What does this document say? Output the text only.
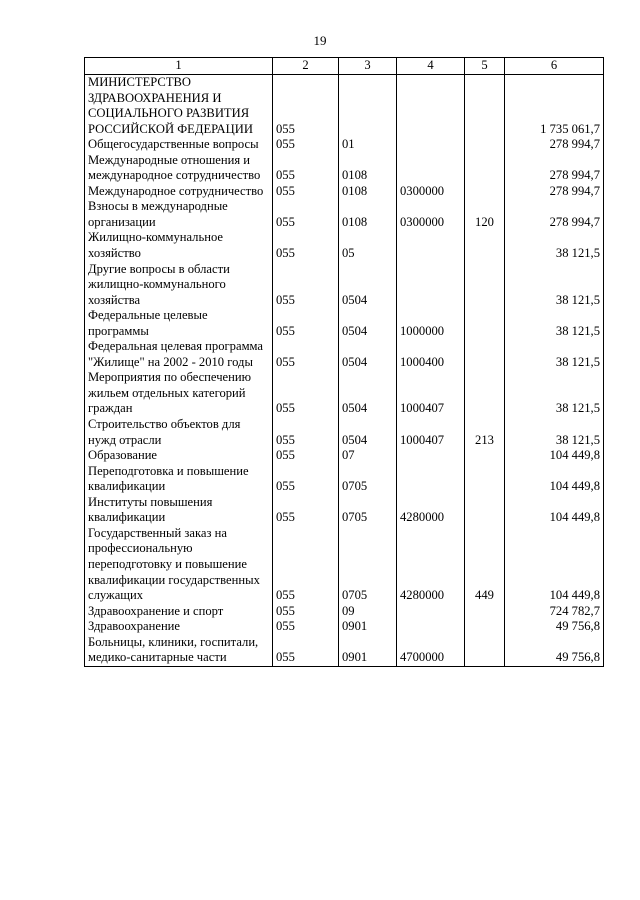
19
1	2	3	4	5	6
МИНИСТЕРСТВО ЗДРАВООХРАНЕНИЯ И СОЦИАЛЬНОГО РАЗВИТИЯ РОССИЙСКОЙ ФЕДЕРАЦИИ	055				1 735 061,7
Общегосударственные вопросы	055	01			278 994,7
Международные отношения и международное сотрудничество	055	0108			278 994,7
Международное сотрудничество	055	0108	0300000		278 994,7
Взносы в международные организации	055	0108	0300000	120	278 994,7
Жилищно-коммунальное хозяйство	055	05			38 121,5
Другие вопросы в области жилищно-коммунального хозяйства	055	0504			38 121,5
Федеральные целевые программы	055	0504	1000000		38 121,5
Федеральная целевая программа "Жилище" на 2002 - 2010 годы	055	0504	1000400		38 121,5
Мероприятия по обеспечению жильем отдельных категорий граждан	055	0504	1000407		38 121,5
Строительство объектов для нужд отрасли	055	0504	1000407	213	38 121,5
Образование	055	07			104 449,8
Переподготовка и повышение квалификации	055	0705			104 449,8
Институты повышения квалификации	055	0705	4280000		104 449,8
Государственный заказ на профессиональную переподготовку и повышение квалификации государственных служащих	055	0705	4280000	449	104 449,8
Здравоохранение и спорт	055	09			724 782,7
Здравоохранение	055	0901			49 756,8
Больницы, клиники, госпитали, медико-санитарные части	055	0901	4700000		49 756,8
